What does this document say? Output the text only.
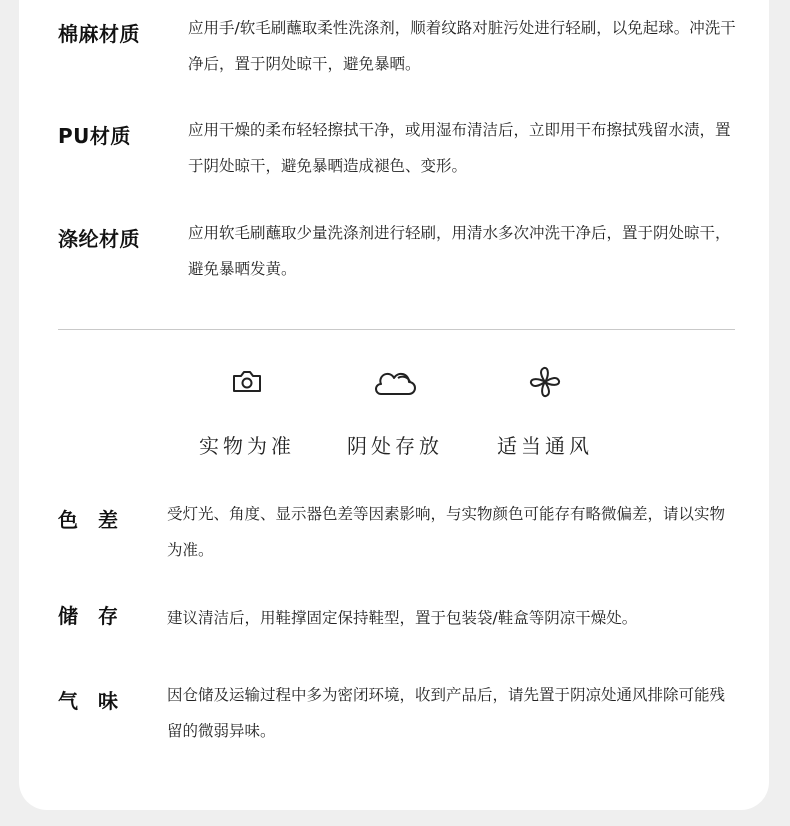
棉麻材质	应用手/软毛刷蘸取柔性洗涤剂，顺着纹路对脏污处进行轻刷，以免起球。冲洗干净后，置于阴处晾干，避免暴晒。
PU材质	应用干燥的柔布轻轻擦拭干净，或用湿布清洁后，立即用干布擦拭残留水渍，置于阴处晾干，避免暴晒造成褪色、变形。
涤纶材质	应用软毛刷蘸取少量洗涤剂进行轻刷，用清水多次冲洗干净后，置于阴处晾干，避免暴晒发黄。
实物为准	阴处存放	适当通风
色差 受灯光、角度、显示器色差等因素影响，与实物颜色可能存有略微偏差，请以实物为准。
储存 建议清洁后，用鞋撑固定保持鞋型，置于包装袋/鞋盒等阴凉干燥处。
气味 因仓储及运输过程中多为密闭环境，收到产品后，请先置于阴凉处通风排除可能残留的微弱异味。
